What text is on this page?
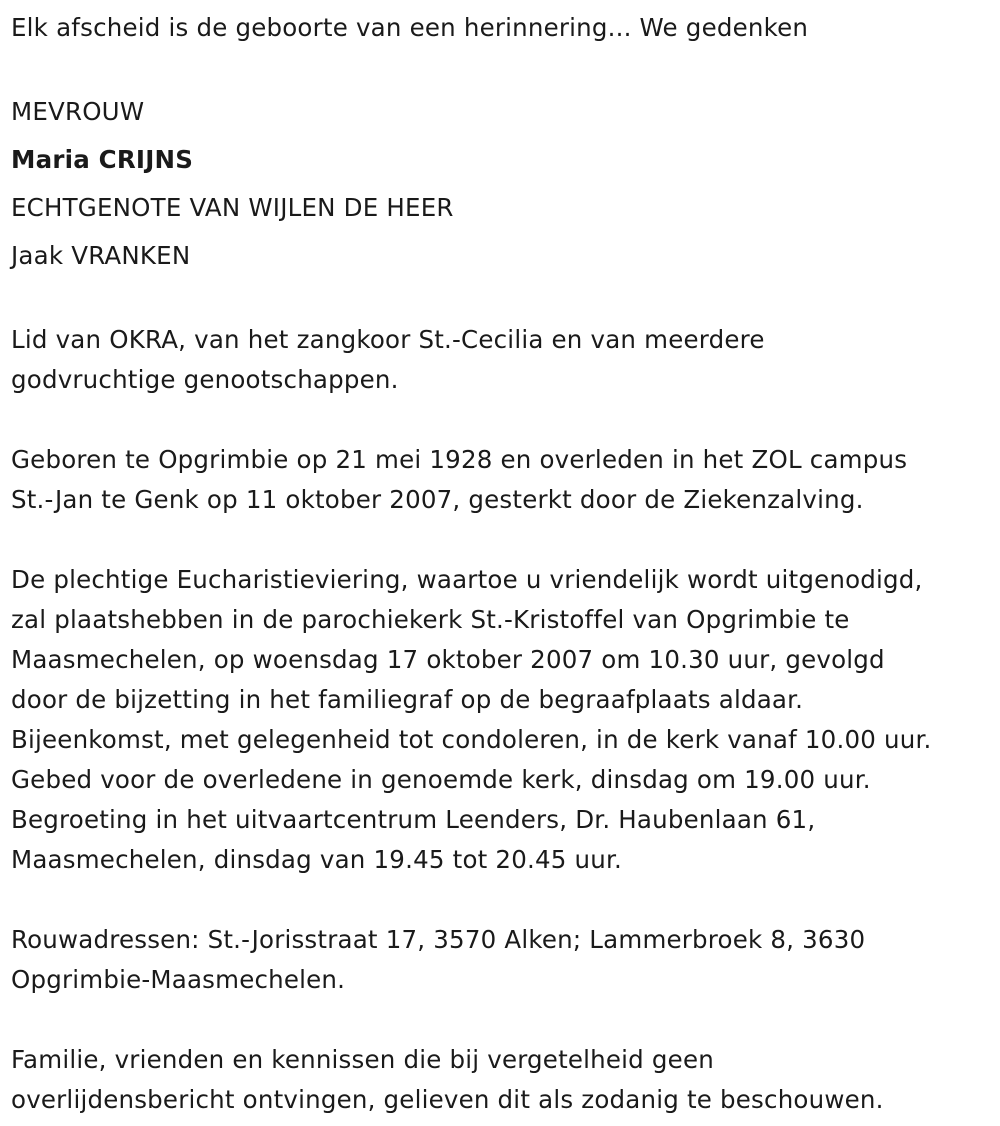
Elk afscheid is de geboorte van een herinnering... We gedenken
MEVROUW
Maria CRIJNS
ECHTGENOTE VAN WIJLEN DE HEER
Jaak VRANKEN
Lid van OKRA, van het zangkoor St.-Cecilia en van meerdere
godvruchtige genootschappen.
Geboren te Opgrimbie op 21 mei 1928 en overleden in het ZOL campus
St.-Jan te Genk op 11 oktober 2007, gesterkt door de Ziekenzalving.
De plechtige Eucharistieviering, waartoe u vriendelijk wordt uitgenodigd,
zal plaatshebben in de parochiekerk St.-Kristoffel van Opgrimbie te
Maasmechelen, op woensdag 17 oktober 2007 om 10.30 uur, gevolgd
door de bijzetting in het familiegraf op de begraafplaats aldaar.
Bijeenkomst, met gelegenheid tot condoleren, in de kerk vanaf 10.00 uur.
Gebed voor de overledene in genoemde kerk, dinsdag om 19.00 uur.
Begroeting in het uitvaartcentrum Leenders, Dr. Haubenlaan 61,
Maasmechelen, dinsdag van 19.45 tot 20.45 uur.
Rouwadressen: St.-Jorisstraat 17, 3570 Alken; Lammerbroek 8, 3630
Opgrimbie-Maasmechelen.
Familie, vrienden en kennissen die bij vergetelheid geen
overlijdensbericht ontvingen, gelieven dit als zodanig te beschouwen.
